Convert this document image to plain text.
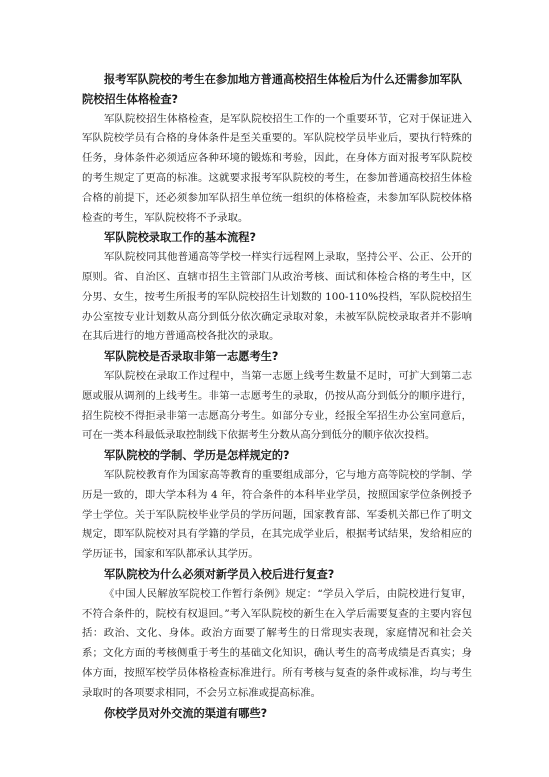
报考军队院校的考生在参加地方普通高校招生体检后为什么还需参加军队院校招生体格检查?

军队院校招生体格检查，是军队院校招生工作的一个重要环节，它对于保证进入军队院校学员有合格的身体条件是至关重要的。军队院校学员毕业后，要执行特殊的任务，身体条件必须适应各种环境的锻炼和考验，因此，在身体方面对报考军队院校的考生规定了更高的标准。这就要求报考军队院校的考生，在参加普通高校招生体检合格的前提下，还必须参加军队招生单位统一组织的体格检查，未参加军队院校体格检查的考生，军队院校将不予录取。

军队院校录取工作的基本流程?

军队院校同其他普通高等学校一样实行远程网上录取，坚持公平、公正、公开的原则。省、自治区、直辖市招生主管部门从政治考核、面试和体检合格的考生中，区分男、女生，按考生所报考的军队院校招生计划数的 100-110%投档，军队院校招生办公室按专业计划数从高分到低分依次确定录取对象，未被军队院校录取者并不影响在其后进行的地方普通高校各批次的录取。

军队院校是否录取非第一志愿考生?

军队院校在录取工作过程中，当第一志愿上线考生数量不足时，可扩大到第二志愿或服从调剂的上线考生。非第一志愿考生的录取，仍按从高分到低分的顺序进行，招生院校不得拒录非第一志愿高分考生。如部分专业，经报全军招生办公室同意后，可在一类本科最低录取控制线下依据考生分数从高分到低分的顺序依次投档。

军队院校的学制、学历是怎样规定的?

军队院校教育作为国家高等教育的重要组成部分，它与地方高等院校的学制、学历是一致的，即大学本科为 4 年，符合条件的本科毕业学员，按照国家学位条例授予学士学位。关于军队院校毕业学员的学历问题，国家教育部、军委机关都已作了明文规定，即军队院校对具有学籍的学员，在其完成学业后，根据考试结果，发给相应的学历证书，国家和军队都承认其学历。

军队院校为什么必须对新学员入校后进行复查?

《中国人民解放军院校工作暂行条例》规定：“学员入学后，由院校进行复审，不符合条件的，院校有权退回。”考入军队院校的新生在入学后需要复查的主要内容包括：政治、文化、身体。政治方面要了解考生的日常现实表现，家庭情况和社会关系；文化方面的考核侧重于考生的基础文化知识，确认考生的高考成绩是否真实；身体方面，按照军校学员体格检查标准进行。所有考核与复查的条件或标准，均与考生录取时的各项要求相同，不会另立标准或提高标准。

你校学员对外交流的渠道有哪些?
